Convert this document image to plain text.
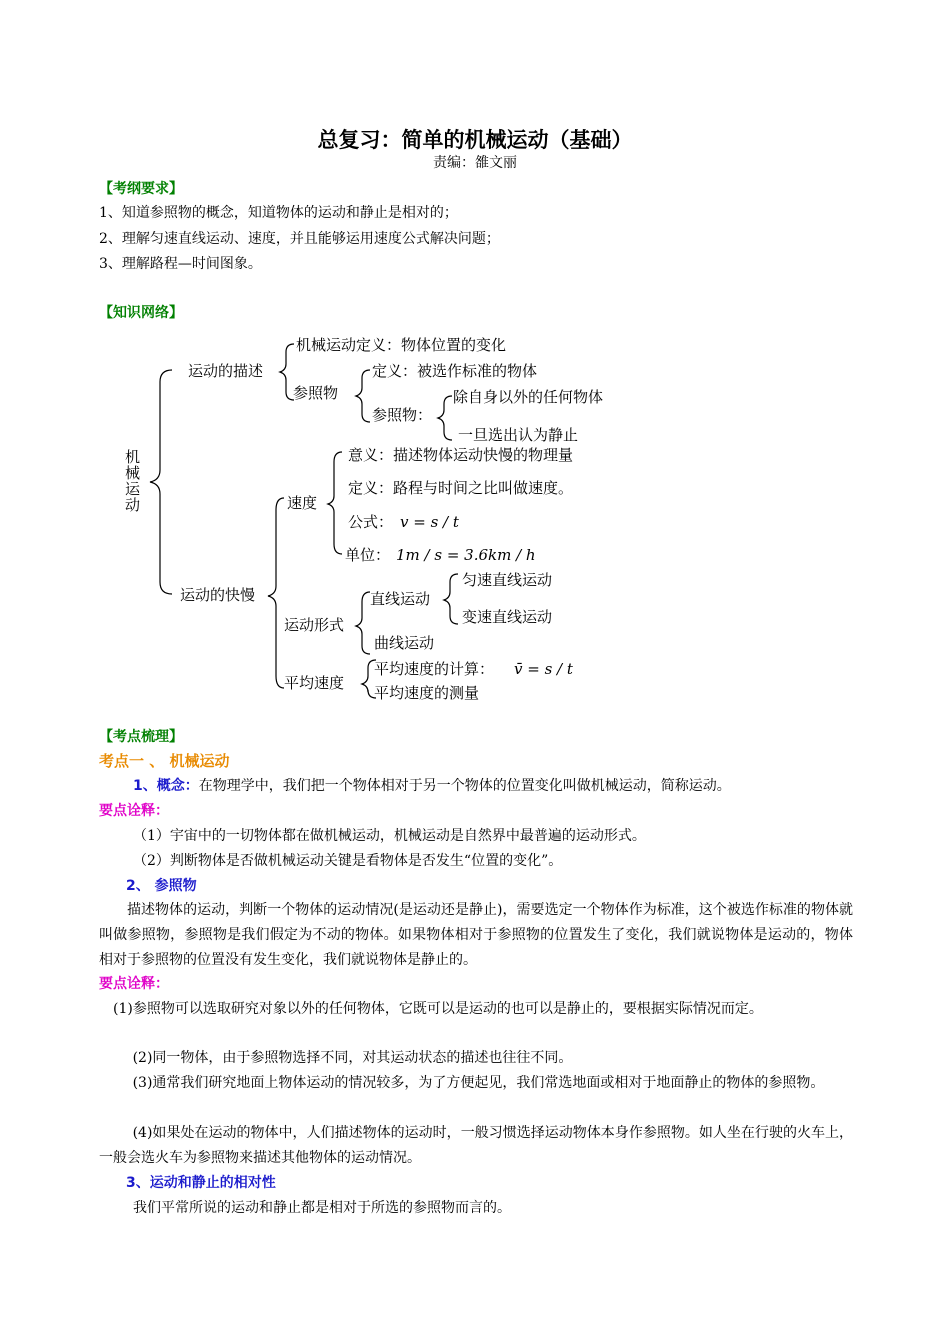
总复习：简单的机械运动（基础）
责编：雒文丽
【考纲要求】
1、知道参照物的概念，知道物体的运动和静止是相对的；
2、理解匀速直线运动、速度，并且能够运用速度公式解决问题；
3、理解路程—时间图象。
【知识网络】
机
械
运
动
运动的描述
运动的快慢
机械运动定义：物体位置的变化
参照物
定义：被选作标准的物体
参照物：
除自身以外的任何物体
一旦选出认为静止
速度
运动形式
平均速度
意义：描述物体运动快慢的物理量
定义：路程与时间之比叫做速度。
公式： v = s / t
单位： 1m / s = 3.6km / h
直线运动
曲线运动
匀速直线运动
变速直线运动
平均速度的计算： v̄ = s / t
平均速度的测量
【考点梳理】
考点一 、 机械运动
1、概念：在物理学中，我们把一个物体相对于另一个物体的位置变化叫做机械运动，简称运动。
要点诠释：
（1）宇宙中的一切物体都在做机械运动，机械运动是自然界中最普遍的运动形式。
（2）判断物体是否做机械运动关键是看物体是否发生“位置的变化”。
2、 参照物
描述物体的运动，判断一个物体的运动情况(是运动还是静止)，需要选定一个物体作为标准，这个被选作标准的物体就叫做参照物，参照物是我们假定为不动的物体。如果物体相对于参照物的位置发生了变化，我们就说物体是运动的，物体相对于参照物的位置没有发生变化，我们就说物体是静止的。
要点诠释：
(1)参照物可以选取研究对象以外的任何物体，它既可以是运动的也可以是静止的，要根据实际情况而定。
(2)同一物体，由于参照物选择不同，对其运动状态的描述也往往不同。
(3)通常我们研究地面上物体运动的情况较多，为了方便起见，我们常选地面或相对于地面静止的物体的参照物。
(4)如果处在运动的物体中，人们描述物体的运动时，一般习惯选择运动物体本身作参照物。如人坐在行驶的火车上，一般会选火车为参照物来描述其他物体的运动情况。
3、运动和静止的相对性
我们平常所说的运动和静止都是相对于所选的参照物而言的。
